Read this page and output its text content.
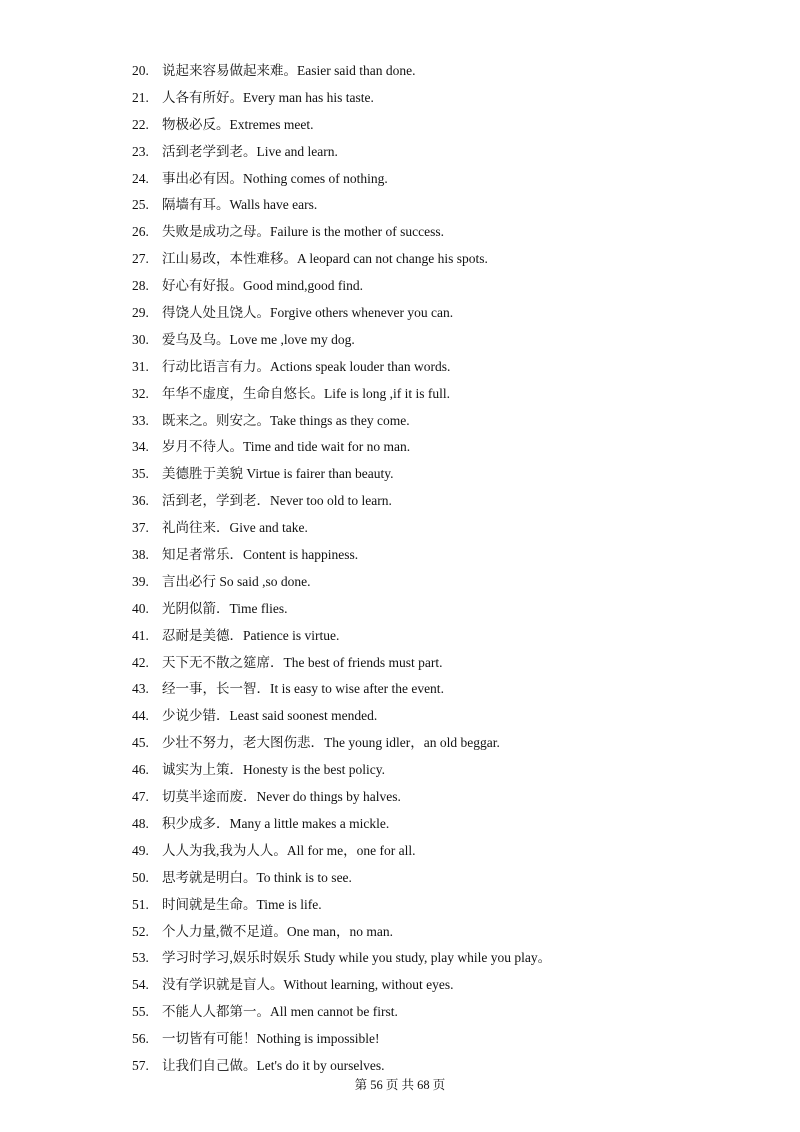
20. 说起来容易做起来难。Easier said than done.
21. 人各有所好。Every man has his taste.
22. 物极必反。Extremes meet.
23. 活到老学到老。Live and learn.
24. 事出必有因。Nothing comes of nothing.
25. 隔墙有耳。Walls have ears.
26. 失败是成功之母。Failure is the mother of success.
27. 江山易改，本性难移。A leopard can not change his spots.
28. 好心有好报。Good mind,good find.
29. 得饶人处且饶人。Forgive others whenever you can.
30. 爱乌及乌。Love me ,love my dog.
31. 行动比语言有力。Actions speak louder than words.
32. 年华不虚度，生命自悠长。Life is long ,if it is full.
33. 既来之。则安之。Take things as they come.
34. 岁月不待人。Time and tide wait for no man.
35. 美德胜于美貌 Virtue is fairer than beauty.
36. 活到老，学到老．Never too old to learn.
37. 礼尚往来．Give and take.
38. 知足者常乐．Content is happiness.
39. 言出必行 So said ,so done.
40. 光阴似箭．Time flies.
41. 忍耐是美德．Patience is virtue.
42. 天下无不散之筵席．The best of friends must part.
43. 经一事，长一智．It is easy to wise after the event.
44. 少说少错．Least said soonest mended.
45. 少壮不努力，老大图伤悲．The young idler，an old beggar.
46. 诚实为上策．Honesty is the best policy.
47. 切莫半途而废．Never do things by halves.
48. 积少成多．Many a little makes a mickle.
49. 人人为我,我为人人。All for me，one for all.
50. 思考就是明白。To think is to see.
51. 时间就是生命。Time is life.
52. 个人力量,微不足道。One man，no man.
53. 学习时学习,娱乐时娱乐 Study while you study, play while you play。
54. 没有学识就是盲人。Without learning, without eyes.
55. 不能人人都第一。All men cannot be first.
56. 一切皆有可能！Nothing is impossible!
57. 让我们自己做。Let's do it by ourselves.
第 56 页 共 68 页
